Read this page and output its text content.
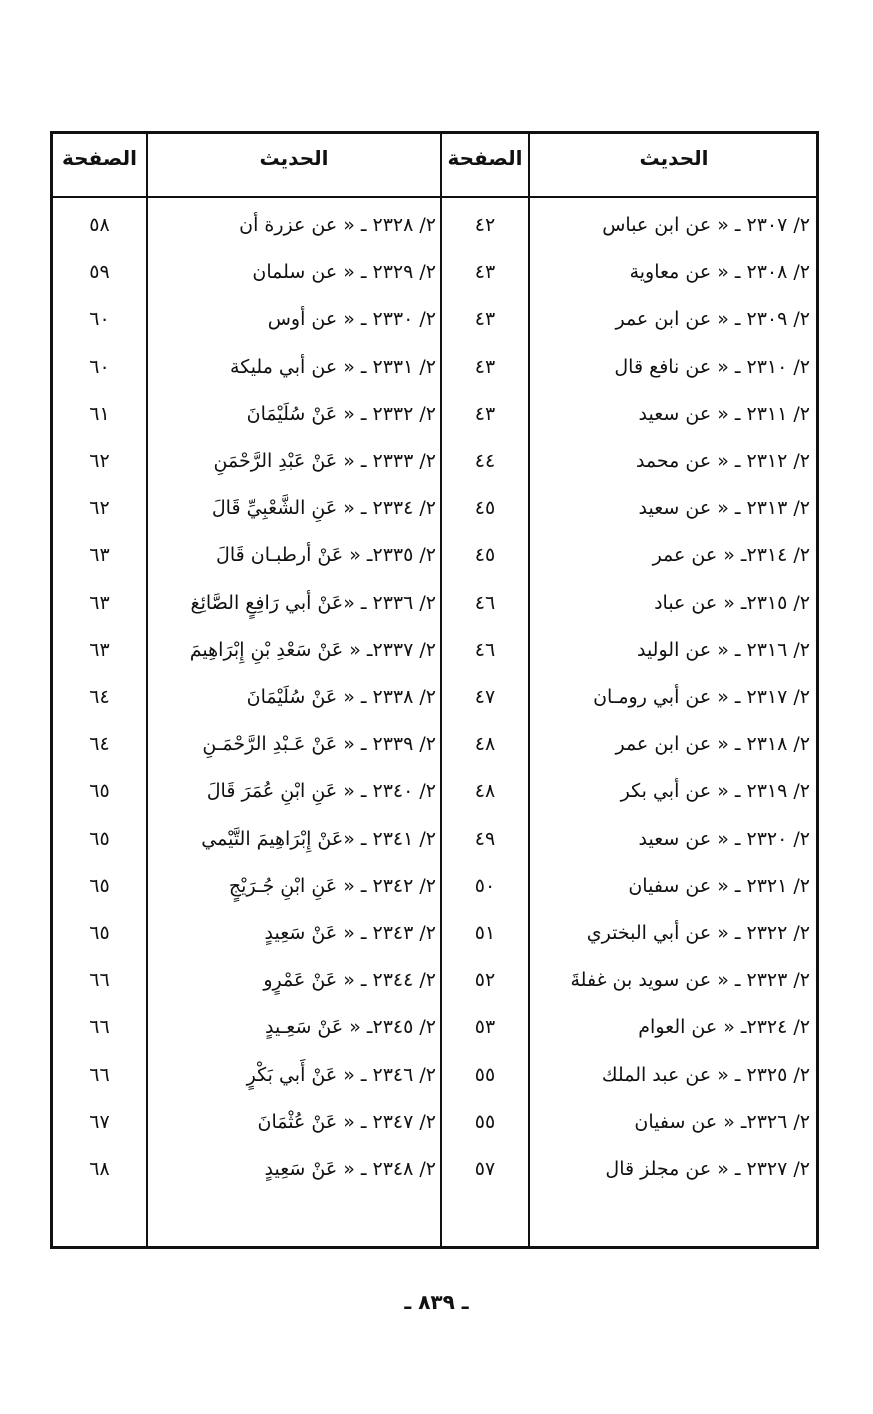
الحديث
الصفحة
الحديث
الصفحة
٢/ ٢٣٠٧ ـ « عن ابن عباس
٤٢
٢/ ٢٣٢٨ ـ « عن عزرة أن
٥٨
٢/ ٢٣٠٨ ـ « عن معاوية
٤٣
٢/ ٢٣٢٩ ـ « عن سلمان
٥٩
٢/ ٢٣٠٩ ـ « عن ابن عمر
٤٣
٢/ ٢٣٣٠ ـ « عن أوس
٦٠
٢/ ٢٣١٠ ـ « عن نافع قال
٤٣
٢/ ٢٣٣١ ـ « عن أبي مليكة
٦٠
٢/ ٢٣١١ ـ « عن سعيد
٤٣
٢/ ٢٣٣٢ ـ « عَنْ سُلَيْمَانَ
٦١
٢/ ٢٣١٢ ـ « عن محمد
٤٤
٢/ ٢٣٣٣ ـ « عَنْ عَبْدِ الرَّحْمَنِ
٦٢
٢/ ٢٣١٣ ـ « عن سعيد
٤٥
٢/ ٢٣٣٤ ـ « عَنِ الشَّعْبِيِّ قَالَ
٦٢
٢/ ٢٣١٤ـ « عن عمر
٤٥
٢/ ٢٣٣٥ـ « عَنْ أرطبـان قَالَ
٦٣
٢/ ٢٣١٥ـ « عن عباد
٤٦
٢/ ٢٣٣٦ ـ «عَنْ أبي رَافِعٍ الصَّائِغ
٦٣
٢/ ٢٣١٦ ـ « عن الوليد
٤٦
٢/ ٢٣٣٧ـ « عَنْ سَعْدِ بْنِ إِبْرَاهِيمَ
٦٣
٢/ ٢٣١٧ ـ « عن أبي رومـان
٤٧
٢/ ٢٣٣٨ ـ « عَنْ سُلَيْمَانَ
٦٤
٢/ ٢٣١٨ ـ « عن ابن عمر
٤٨
٢/ ٢٣٣٩ ـ « عَنْ عَـبْدِ الرَّحْمَـنِ
٦٤
٢/ ٢٣١٩ ـ « عن أبي بكر
٤٨
٢/ ٢٣٤٠ ـ « عَنِ ابْنِ عُمَرَ قَالَ
٦٥
٢/ ٢٣٢٠ ـ « عن سعيد
٤٩
٢/ ٢٣٤١ ـ «عَنْ إِبْرَاهِيمَ التَّيْمي
٦٥
٢/ ٢٣٢١ ـ « عن سفيان
٥٠
٢/ ٢٣٤٢ ـ « عَنِ ابْنِ جُـرَيْجٍ
٦٥
٢/ ٢٣٢٢ ـ « عن أبي البختري
٥١
٢/ ٢٣٤٣ ـ « عَنْ سَعِيدٍ
٦٥
٢/ ٢٣٢٣ ـ « عن سويد بن غفلةَ
٥٢
٢/ ٢٣٤٤ ـ « عَنْ عَمْرٍو
٦٦
٢/ ٢٣٢٤ـ « عن العوام
٥٣
٢/ ٢٣٤٥ـ « عَنْ سَعِـيدٍ
٦٦
٢/ ٢٣٢٥ ـ « عن عبد الملك
٥٥
٢/ ٢٣٤٦ ـ « عَنْ أَبي بَكْرٍ
٦٦
٢/ ٢٣٢٦ـ « عن سفيان
٥٥
٢/ ٢٣٤٧ ـ « عَنْ عُثْمَانَ
٦٧
٢/ ٢٣٢٧ ـ « عن مجلز قال
٥٧
٢/ ٢٣٤٨ ـ « عَنْ سَعِيدٍ
٦٨
ـ ٨٣٩ ـ
